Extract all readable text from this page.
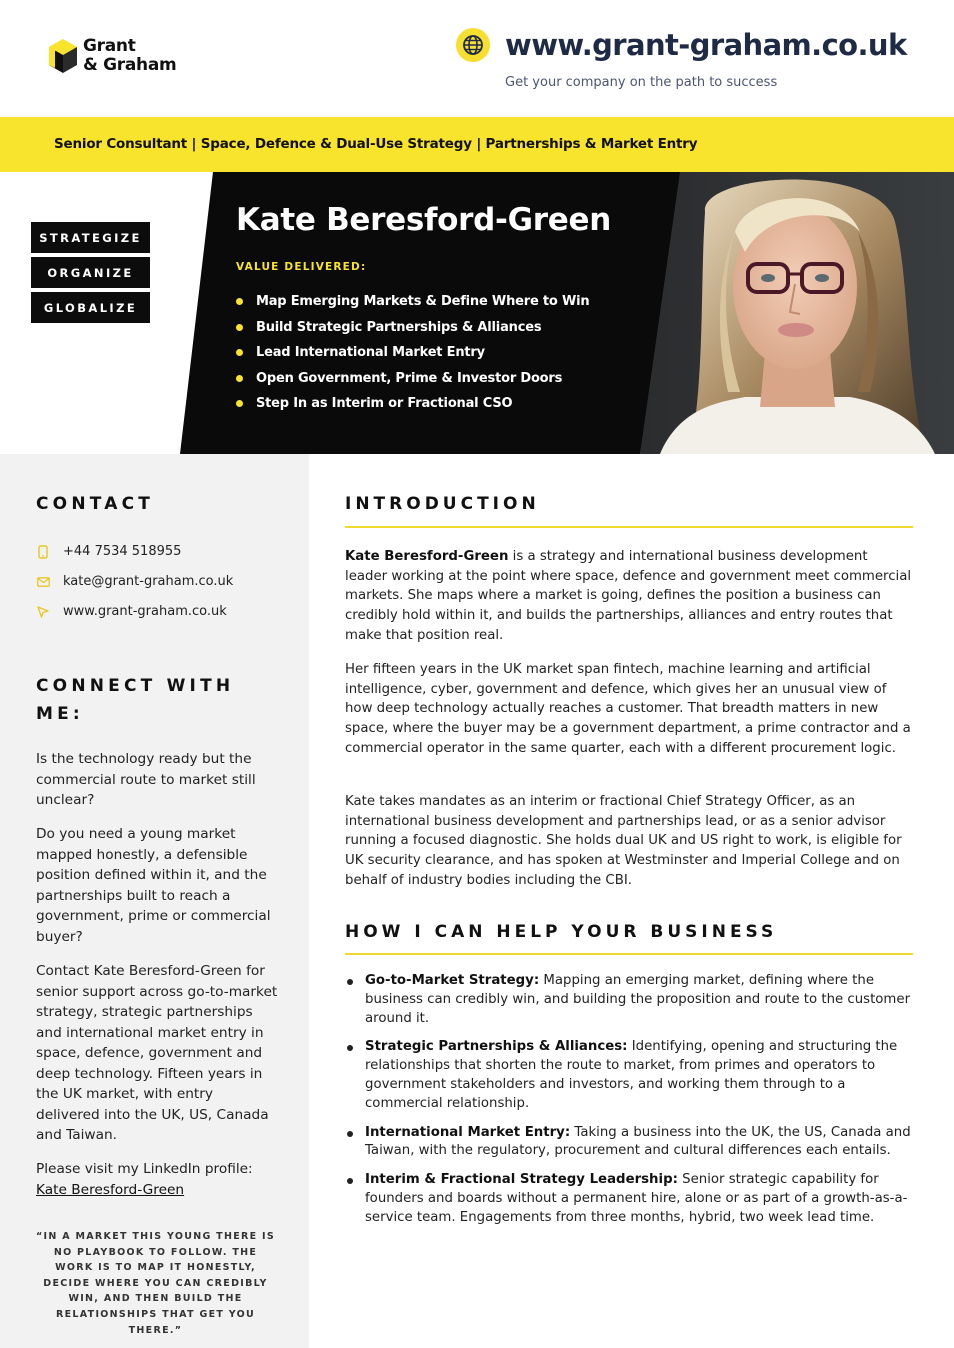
Grant
& Graham
www.grant-graham.co.uk
Get your company on the path to success
Senior Consultant | Space, Defence & Dual-Use Strategy | Partnerships & Market Entry
STRATEGIZE
ORGANIZE
GLOBALIZE
Kate Beresford-Green
VALUE DELIVERED:
Map Emerging Markets & Define Where to Win
Build Strategic Partnerships & Alliances
Lead International Market Entry
Open Government, Prime & Investor Doors
Step In as Interim or Fractional CSO
CONTACT
+44 7534 518955
kate@grant-graham.co.uk
www.grant-graham.co.uk
CONNECT WITH
ME:
Is the technology ready but the commercial route to market still unclear?
Do you need a young market mapped honestly, a defensible position defined within it, and the partnerships built to reach a government, prime or commercial buyer?
Contact Kate Beresford-Green for senior support across go-to-market strategy, strategic partnerships and international market entry in space, defence, government and deep technology. Fifteen years in the UK market, with entry delivered into the UK, US, Canada and Taiwan.
Please visit my LinkedIn profile:
Kate Beresford-Green
“IN A MARKET THIS YOUNG THERE IS NO PLAYBOOK TO FOLLOW. THE WORK IS TO MAP IT HONESTLY, DECIDE WHERE YOU CAN CREDIBLY WIN, AND THEN BUILD THE RELATIONSHIPS THAT GET YOU THERE.”
INTRODUCTION
Kate Beresford-Green is a strategy and international business development leader working at the point where space, defence and government meet commercial markets. She maps where a market is going, defines the position a business can credibly hold within it, and builds the partnerships, alliances and entry routes that make that position real.
Her fifteen years in the UK market span fintech, machine learning and artificial intelligence, cyber, government and defence, which gives her an unusual view of how deep technology actually reaches a customer. That breadth matters in new space, where the buyer may be a government department, a prime contractor and a commercial operator in the same quarter, each with a different procurement logic.
Kate takes mandates as an interim or fractional Chief Strategy Officer, as an international business development and partnerships lead, or as a senior advisor running a focused diagnostic. She holds dual UK and US right to work, is eligible for UK security clearance, and has spoken at Westminster and Imperial College and on behalf of industry bodies including the CBI.
HOW I CAN HELP YOUR BUSINESS
Go-to-Market Strategy: Mapping an emerging market, defining where the business can credibly win, and building the proposition and route to the customer around it.
Strategic Partnerships & Alliances: Identifying, opening and structuring the relationships that shorten the route to market, from primes and operators to government stakeholders and investors, and working them through to a commercial relationship.
International Market Entry: Taking a business into the UK, the US, Canada and Taiwan, with the regulatory, procurement and cultural differences each entails.
Interim & Fractional Strategy Leadership: Senior strategic capability for founders and boards without a permanent hire, alone or as part of a growth-as-a-service team. Engagements from three months, hybrid, two week lead time.
